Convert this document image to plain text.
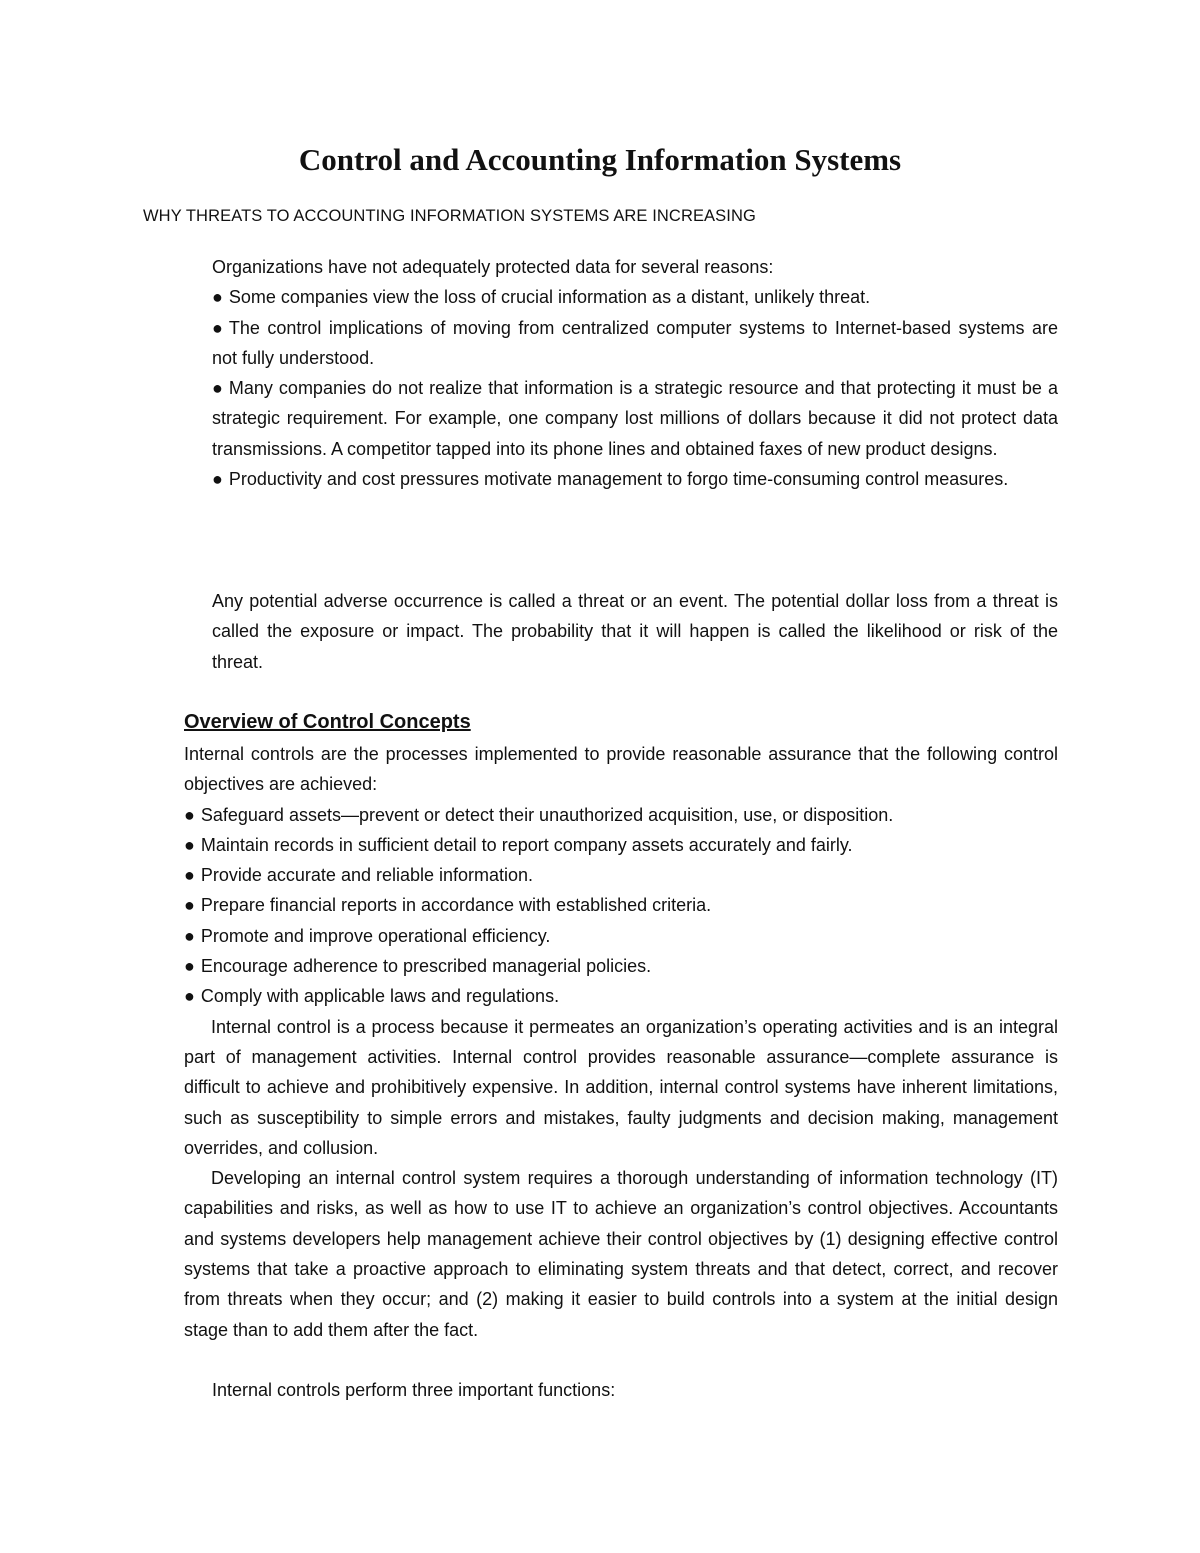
Control and Accounting Information Systems

WHY THREATS TO ACCOUNTING INFORMATION SYSTEMS ARE INCREASING

Organizations have not adequately protected data for several reasons:
● Some companies view the loss of crucial information as a distant, unlikely threat.
● The control implications of moving from centralized computer systems to Internet-based systems are not fully understood.
● Many companies do not realize that information is a strategic resource and that protecting it must be a strategic requirement. For example, one company lost millions of dollars because it did not protect data transmissions. A competitor tapped into its phone lines and obtained faxes of new product designs.
● Productivity and cost pressures motivate management to forgo time-consuming control measures.

Any potential adverse occurrence is called a threat or an event. The potential dollar loss from a threat is called the exposure or impact. The probability that it will happen is called the likelihood or risk of the threat.

Overview of Control Concepts

Internal controls are the processes implemented to provide reasonable assurance that the following control objectives are achieved:

● Safeguard assets—prevent or detect their unauthorized acquisition, use, or disposition.
● Maintain records in sufficient detail to report company assets accurately and fairly.
● Provide accurate and reliable information.
● Prepare financial reports in accordance with established criteria.
● Promote and improve operational efficiency.
● Encourage adherence to prescribed managerial policies.
● Comply with applicable laws and regulations.

Internal control is a process because it permeates an organization’s operating activities and is an integral part of management activities. Internal control provides reasonable assurance—complete assurance is difficult to achieve and prohibitively expensive. In addition, internal control systems have inherent limitations, such as susceptibility to simple errors and mistakes, faulty judgments and decision making, management overrides, and collusion.

Developing an internal control system requires a thorough understanding of information technology (IT) capabilities and risks, as well as how to use IT to achieve an organization’s control objectives. Accountants and systems developers help management achieve their control objectives by (1) designing effective control systems that take a proactive approach to eliminating system threats and that detect, correct, and recover from threats when they occur; and (2) making it easier to build controls into a system at the initial design stage than to add them after the fact.

Internal controls perform three important functions:
